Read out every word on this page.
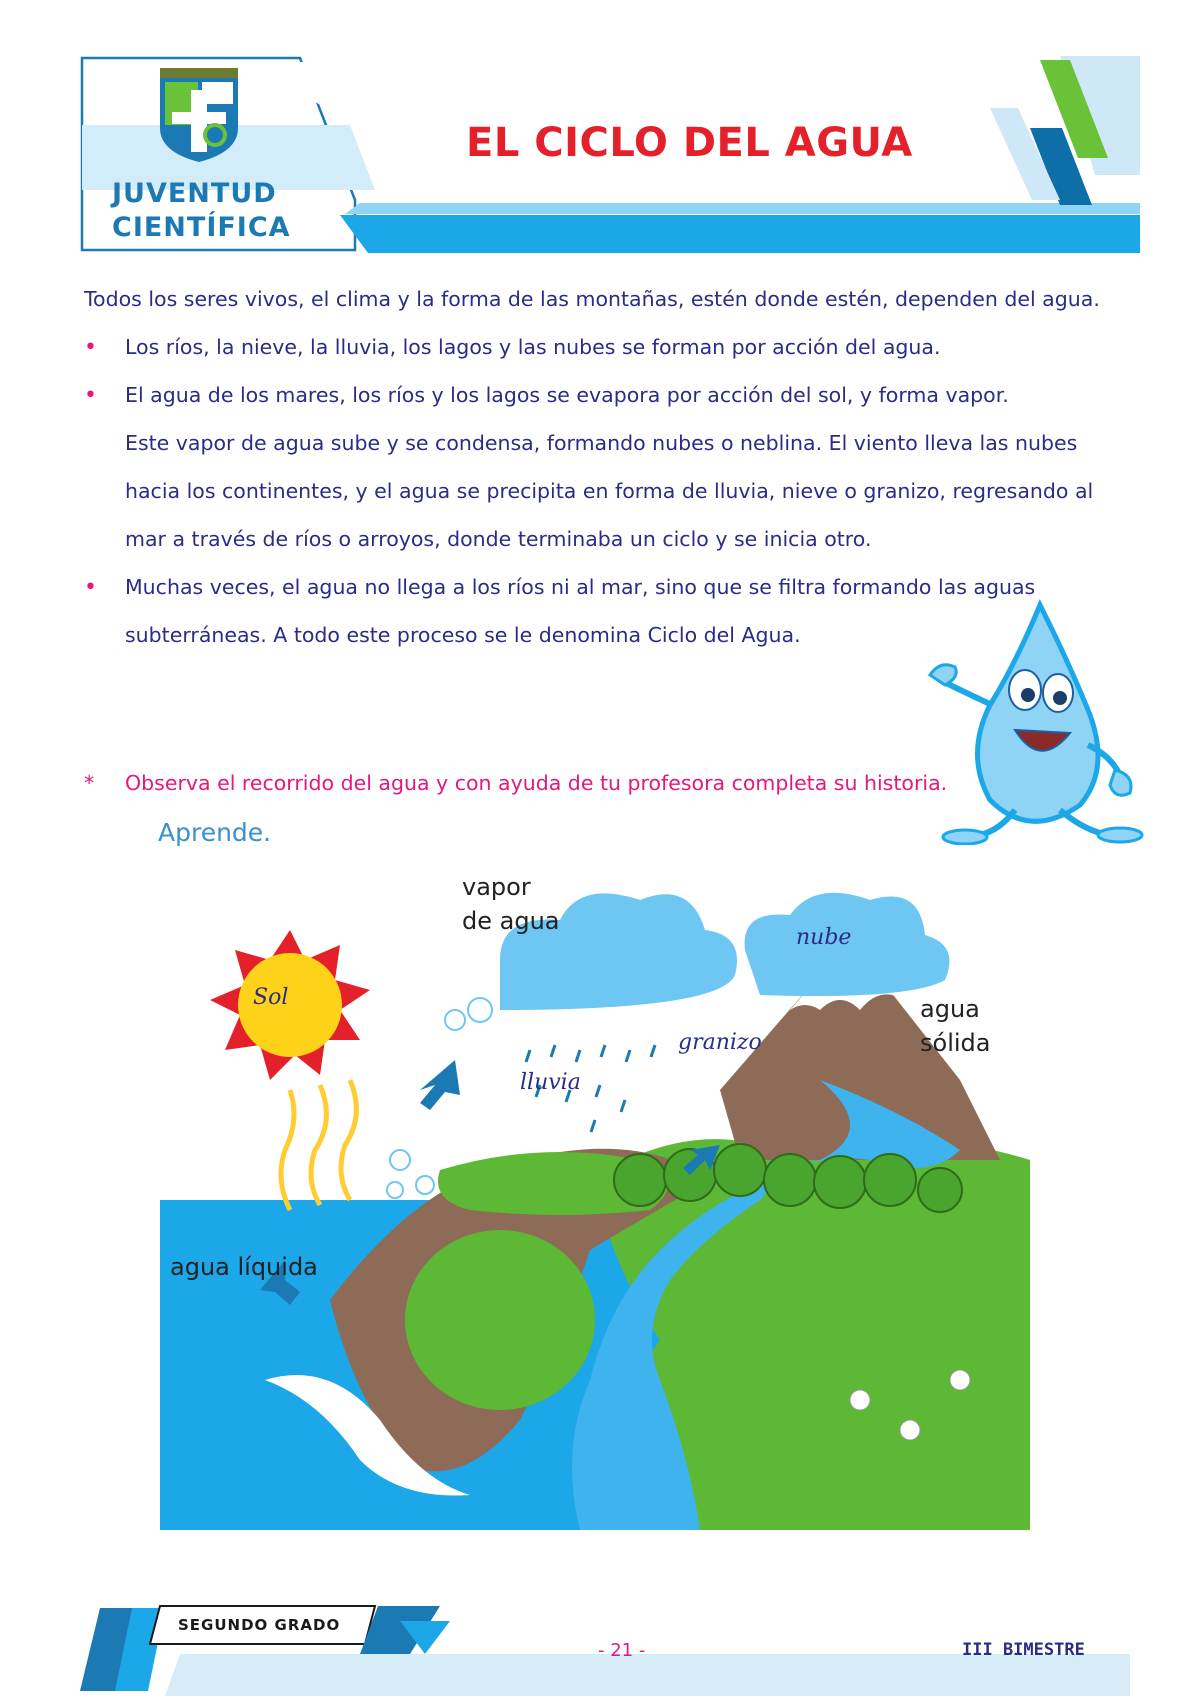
JUVENTUD
CIENTÍFICA
EL CICLO DEL AGUA
Todos los seres vivos, el clima y la forma de las montañas, estén donde estén, dependen del agua.
• Los ríos, la nieve, la lluvia, los lagos y las nubes se forman por acción del agua.
• El agua de los mares, los ríos y los lagos se evapora por acción del sol, y forma vapor.
Este vapor de agua sube y se condensa, formando nubes o neblina. El viento lleva las nubes
hacia los continentes, y el agua se precipita en forma de lluvia, nieve o granizo, regresando al
mar a través de ríos o arroyos, donde terminaba un ciclo y se inicia otro.
• Muchas veces, el agua no llega a los ríos ni al mar, sino que se filtra formando las aguas
subterráneas. A todo este proceso se le denomina Ciclo del Agua.
* Observa el recorrido del agua y con ayuda de tu profesora completa su historia.
Aprende.
vapor
de agua
nube
Sol
granizo
lluvia
agua
sólida
agua líquida
SEGUNDO GRADO
- 21 -	III BIMESTRE
